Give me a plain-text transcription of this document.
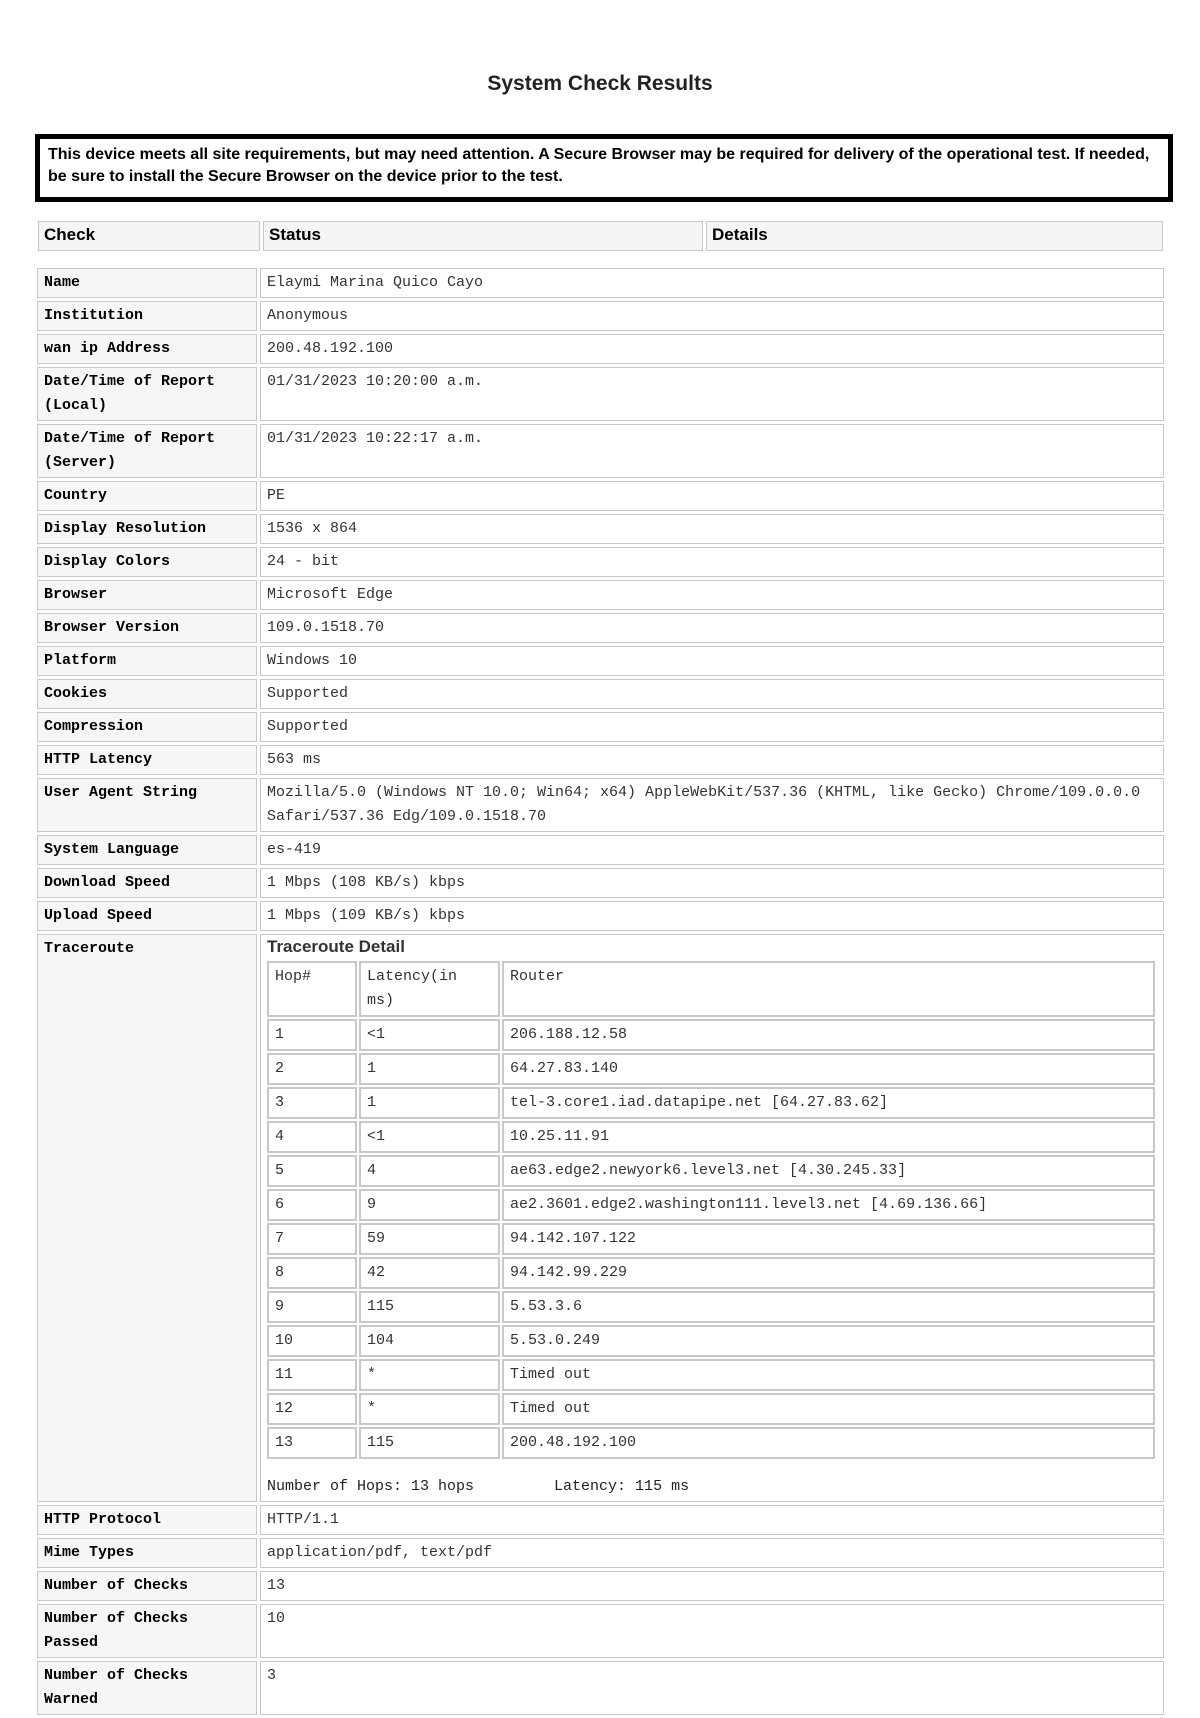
System Check Results
This device meets all site requirements, but may need attention. A Secure Browser may be required for delivery of the operational test. If needed, be sure to install the Secure Browser on the device prior to the test.
Check	Status	Details
Name	Elaymi Marina Quico Cayo
Institution	Anonymous
wan ip Address	200.48.192.100
Date/Time of Report (Local)	01/31/2023 10:20:00 a.m.
Date/Time of Report (Server)	01/31/2023 10:22:17 a.m.
Country	PE
Display Resolution	1536 x 864
Display Colors	24 - bit
Browser	Microsoft Edge
Browser Version	109.0.1518.70
Platform	Windows 10
Cookies	Supported
Compression	Supported
HTTP Latency	563 ms
User Agent String	Mozilla/5.0 (Windows NT 10.0; Win64; x64) AppleWebKit/537.36 (KHTML, like Gecko) Chrome/109.0.0.0 Safari/537.36 Edg/109.0.1518.70
System Language	es-419
Download Speed	1 Mbps (108 KB/s) kbps
Upload Speed	1 Mbps (109 KB/s) kbps
Traceroute	Traceroute Detail
Hop#	Latency(in ms)	Router
1	<1	206.188.12.58
2	1	64.27.83.140
3	1	tel-3.core1.iad.datapipe.net [64.27.83.62]
4	<1	10.25.11.91
5	4	ae63.edge2.newyork6.level3.net [4.30.245.33]
6	9	ae2.3601.edge2.washington111.level3.net [4.69.136.66]
7	59	94.142.107.122
8	42	94.142.99.229
9	115	5.53.3.6
10	104	5.53.0.249
11	*	Timed out
12	*	Timed out
13	115	200.48.192.100
Number of Hops: 13 hops	Latency: 115 ms

HTTP Protocol	HTTP/1.1
Mime Types	application/pdf, text/pdf
Number of Checks	13
Number of Checks Passed	10
Number of Checks Warned	3
